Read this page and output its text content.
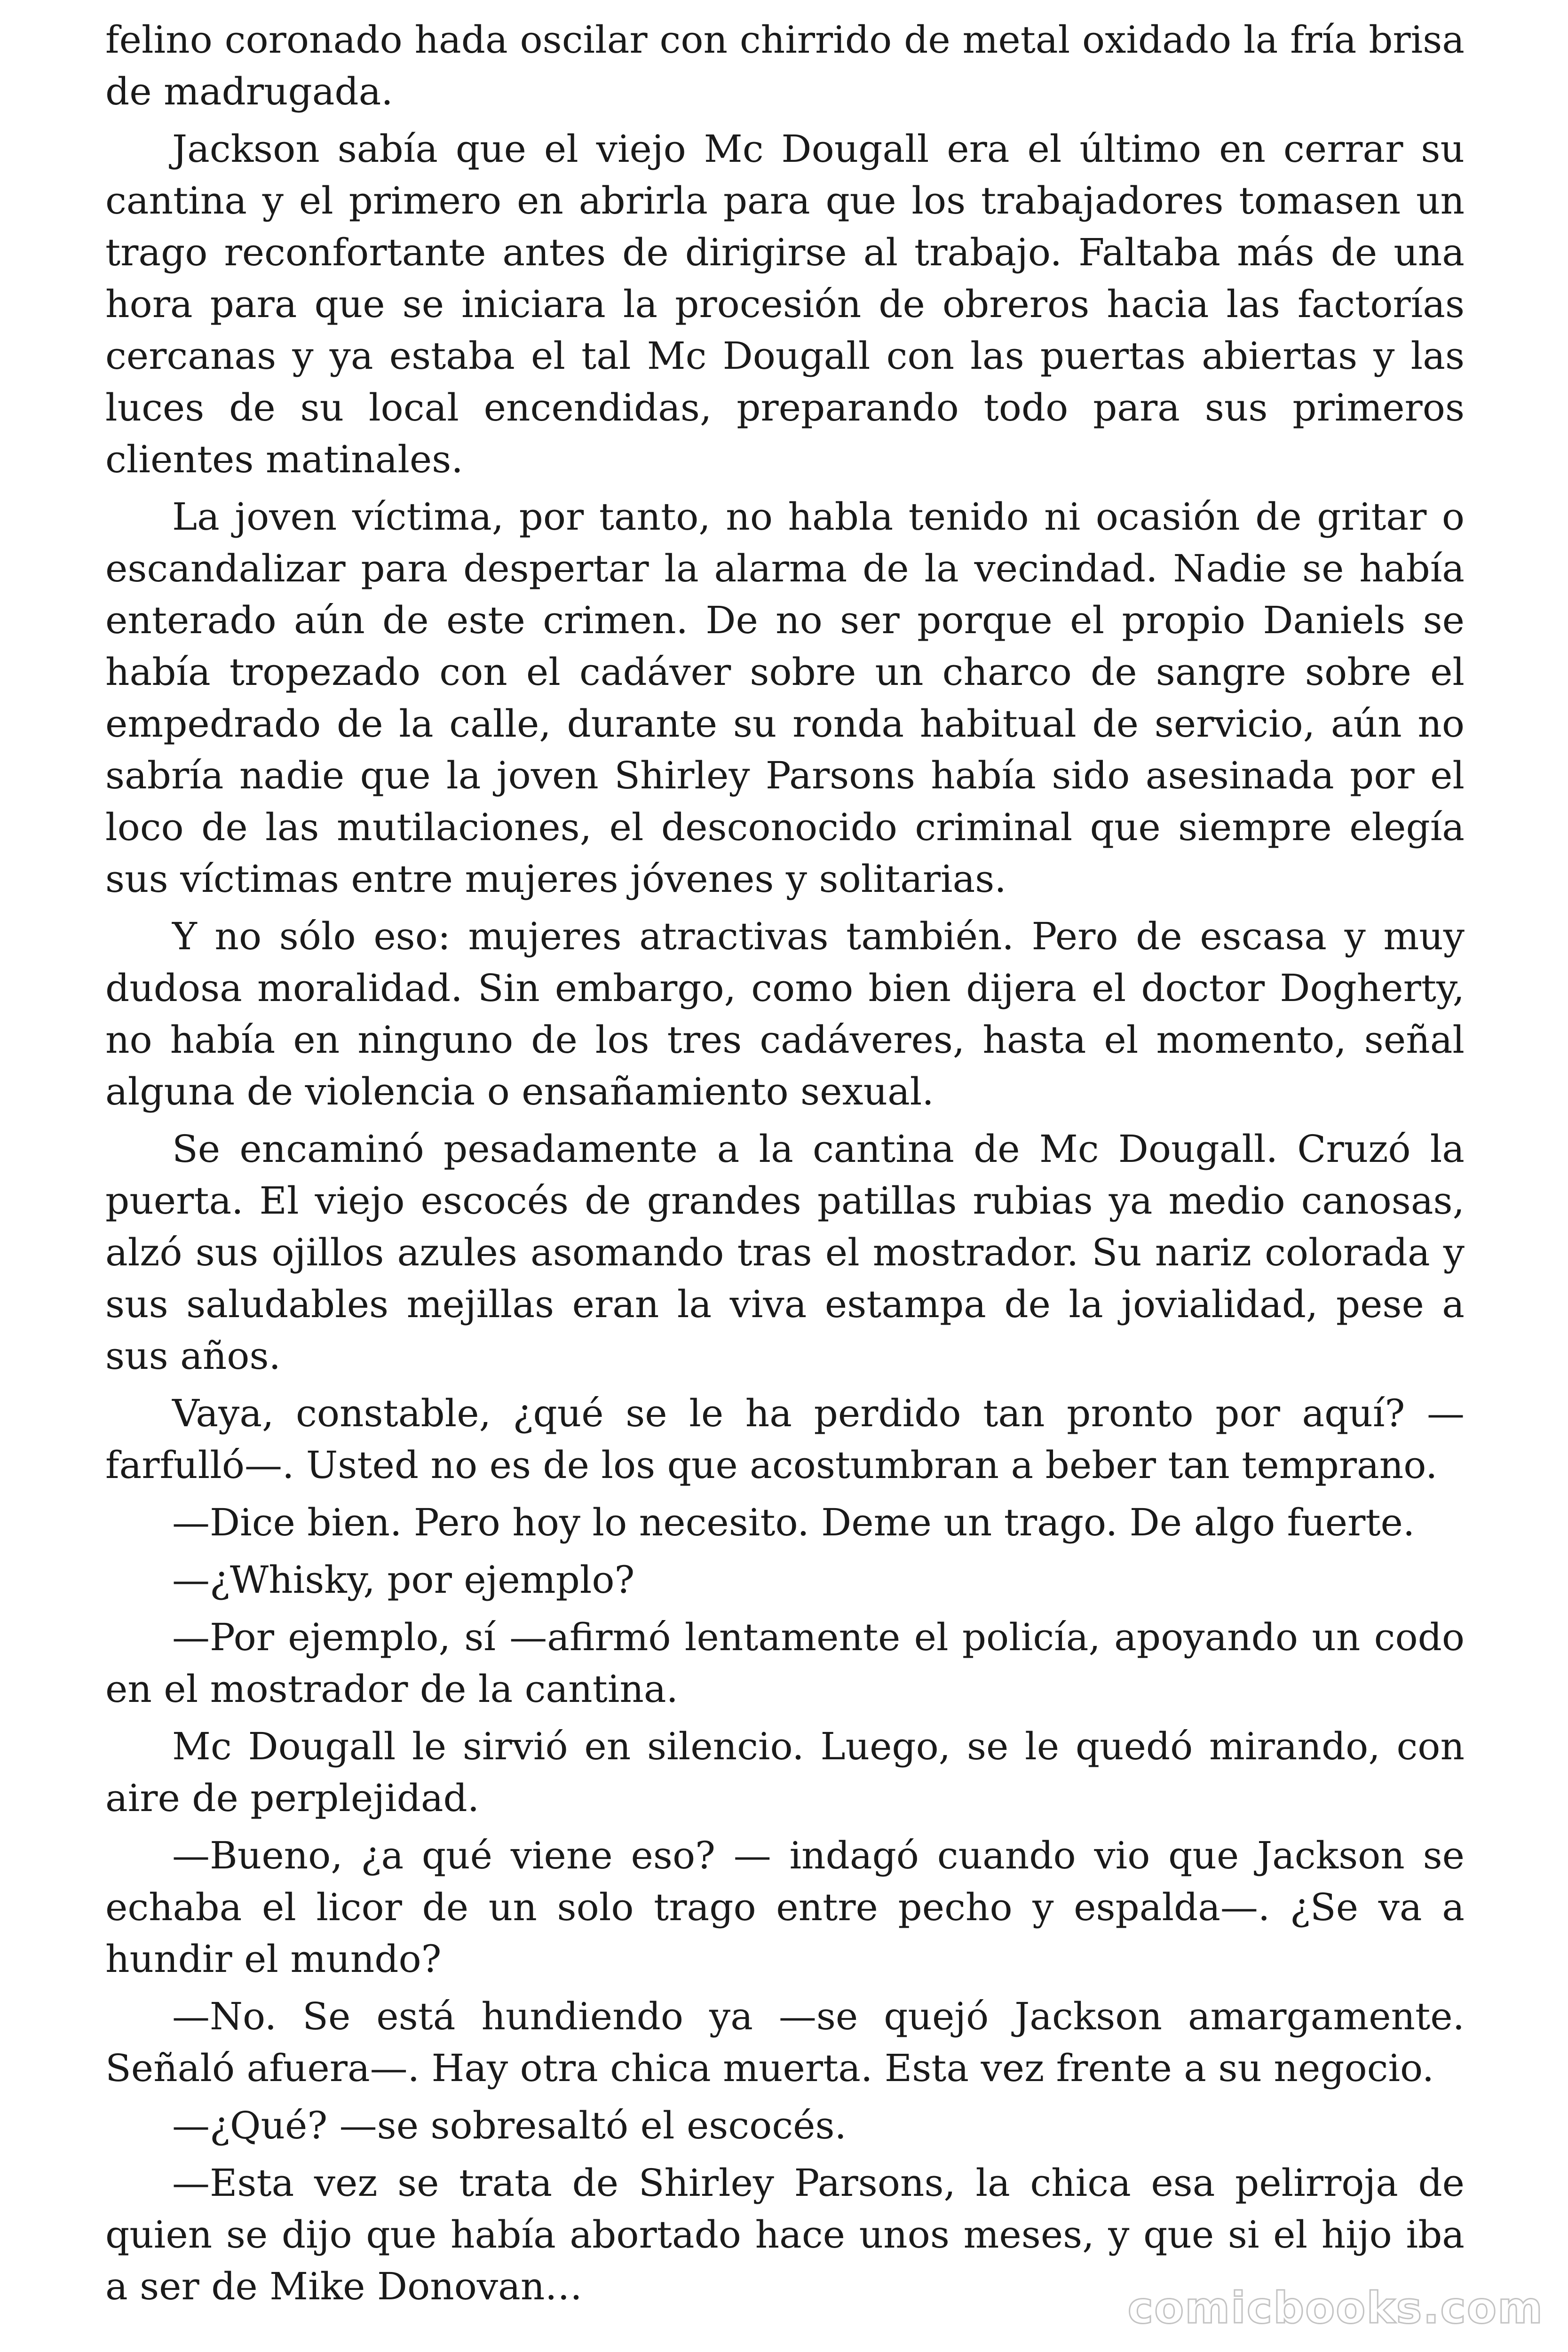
felino coronado hada oscilar con chirrido de metal oxidado la fría brisa de madrugada.

Jackson sabía que el viejo Mc Dougall era el último en cerrar su cantina y el primero en abrirla para que los trabajadores tomasen un trago reconfortante antes de dirigirse al trabajo. Faltaba más de una hora para que se iniciara la procesión de obreros hacia las factorías cercanas y ya estaba el tal Mc Dougall con las puertas abiertas y las luces de su local encendidas, preparando todo para sus primeros clientes matinales.

La joven víctima, por tanto, no habla tenido ni ocasión de gritar o escandalizar para despertar la alarma de la vecindad. Nadie se había enterado aún de este crimen. De no ser porque el propio Daniels se había tropezado con el cadáver sobre un charco de sangre sobre el empedrado de la calle, durante su ronda habitual de servicio, aún no sabría nadie que la joven Shirley Parsons había sido asesinada por el loco de las mutilaciones, el desconocido criminal que siempre elegía sus víctimas entre mujeres jóvenes y solitarias.

Y no sólo eso: mujeres atractivas también. Pero de escasa y muy dudosa moralidad. Sin embargo, como bien dijera el doctor Dogherty, no había en ninguno de los tres cadáveres, hasta el momento, señal alguna de violencia o ensañamiento sexual.

Se encaminó pesadamente a la cantina de Mc Dougall. Cruzó la puerta. El viejo escocés de grandes patillas rubias ya medio canosas, alzó sus ojillos azules asomando tras el mostrador. Su nariz colorada y sus saludables mejillas eran la viva estampa de la jovialidad, pese a sus años.

Vaya, constable, ¿qué se le ha perdido tan pronto por aquí? —farfulló—. Usted no es de los que acostumbran a beber tan temprano.

—Dice bien. Pero hoy lo necesito. Deme un trago. De algo fuerte.

—¿Whisky, por ejemplo?

—Por ejemplo, sí —afirmó lentamente el policía, apoyando un codo en el mostrador de la cantina.

Mc Dougall le sirvió en silencio. Luego, se le quedó mirando, con aire de perplejidad.

—Bueno, ¿a qué viene eso? — indagó cuando vio que Jackson se echaba el licor de un solo trago entre pecho y espalda—. ¿Se va a hundir el mundo?

—No. Se está hundiendo ya —se quejó Jackson amargamente. Señaló afuera—. Hay otra chica muerta. Esta vez frente a su negocio.

—¿Qué? —se sobresaltó el escocés.

—Esta vez se trata de Shirley Parsons, la chica esa pelirroja de quien se dijo que había abortado hace unos meses, y que si el hijo iba a ser de Mike Donovan…	comicbooks.com
